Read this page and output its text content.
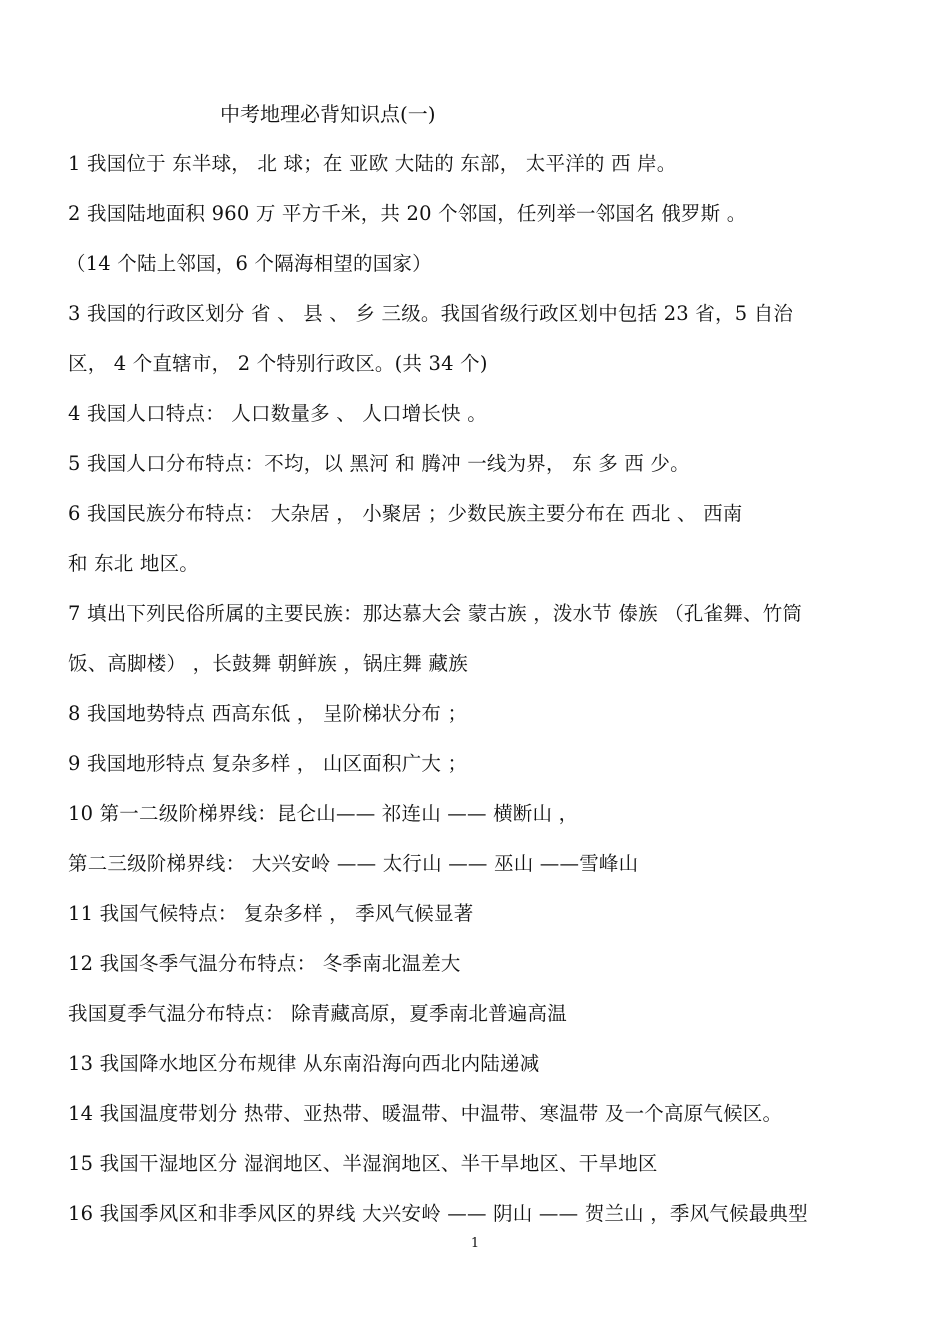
中考地理必背知识点(一)
1 我国位于 东半球， 北 球；在 亚欧 大陆的 东部， 太平洋的 西 岸。
2 我国陆地面积 960 万 平方千米，共 20 个邻国，任列举一邻国名 俄罗斯 。
（14 个陆上邻国，6 个隔海相望的国家）
3 我国的行政区划分 省 、 县 、 乡 三级。我国省级行政区划中包括 23 省，5 自治
区， 4 个直辖市， 2 个特别行政区。(共 34 个)
4 我国人口特点： 人口数量多 、 人口增长快 。
5 我国人口分布特点：不均，以 黑河 和 腾冲 一线为界， 东 多 西 少。
6 我国民族分布特点： 大杂居 ， 小聚居 ；少数民族主要分布在 西北 、 西南
和 东北 地区。
7 填出下列民俗所属的主要民族：那达慕大会 蒙古族 ，泼水节 傣族 （孔雀舞、竹筒
饭、高脚楼） ，长鼓舞 朝鲜族 ，锅庄舞 藏族
8 我国地势特点 西高东低 ， 呈阶梯状分布 ；
9 我国地形特点 复杂多样 ， 山区面积广大 ；
10 第一二级阶梯界线：昆仑山—— 祁连山 —— 横断山 ，
第二三级阶梯界线： 大兴安岭 —— 太行山 —— 巫山 ——雪峰山
11 我国气候特点： 复杂多样 ， 季风气候显著
12 我国冬季气温分布特点： 冬季南北温差大
我国夏季气温分布特点： 除青藏高原，夏季南北普遍高温
13 我国降水地区分布规律 从东南沿海向西北内陆递减
14 我国温度带划分 热带、亚热带、暖温带、中温带、寒温带 及一个高原气候区。
15 我国干湿地区分 湿润地区、半湿润地区、半干旱地区、干旱地区
16 我国季风区和非季风区的界线 大兴安岭 —— 阴山 —— 贺兰山 ，季风气候最典型
1
